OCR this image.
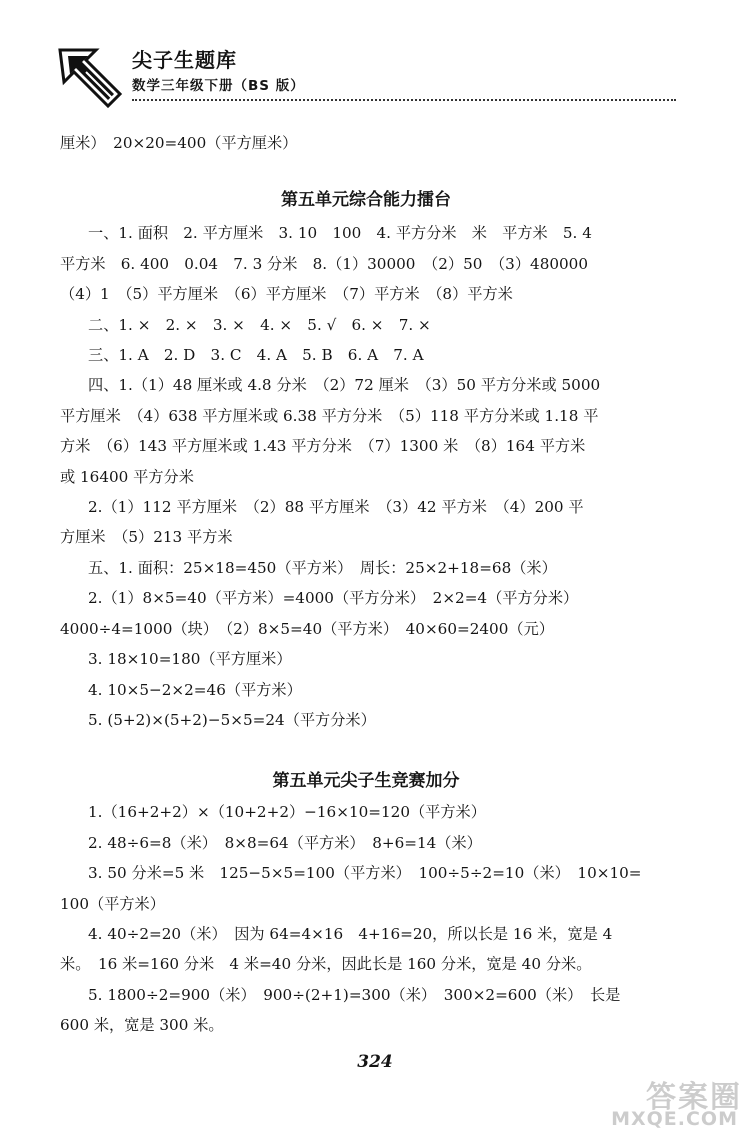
尖子生题库
数学三年级下册（BS 版）
厘米）　20×20=400（平方厘米）
第五单元综合能力擂台
一、1. 面积　2. 平方厘米　3. 10　100　4. 平方分米　米　平方米　5. 4
平方米　6. 400　0.04　7. 3 分米　8.（1）30000　（2）50　（3）480000
（4）1　（5）平方厘米　（6）平方厘米　（7）平方米　（8）平方米
二、1. ×　2. ×　3. ×　4. ×　5. √　6. ×　7. ×
三、1. A　2. D　3. C　4. A　5. B　6. A　7. A
四、1.（1）48 厘米或 4.8 分米　（2）72 厘米　（3）50 平方分米或 5000
平方厘米　（4）638 平方厘米或 6.38 平方分米　（5）118 平方分米或 1.18 平
方米　（6）143 平方厘米或 1.43 平方分米　（7）1300 米　（8）164 平方米
或 16400 平方分米
2.（1）112 平方厘米　（2）88 平方厘米　（3）42 平方米　（4）200 平
方厘米　（5）213 平方米
五、1. 面积：25×18=450（平方米）　周长：25×2+18=68（米）
2.（1）8×5=40（平方米）=4000（平方分米）　2×2=4（平方分米）
4000÷4=1000（块）　（2）8×5=40（平方米）　40×60=2400（元）
3. 18×10=180（平方厘米）
4. 10×5−2×2=46（平方米）
5. (5+2)×(5+2)−5×5=24（平方分米）
第五单元尖子生竞赛加分
1.（16+2+2）×（10+2+2）−16×10=120（平方米）
2. 48÷6=8（米）　8×8=64（平方米）　8+6=14（米）
3. 50 分米=5 米　125−5×5=100（平方米）　100÷5÷2=10（米）　10×10=
100（平方米）
4. 40÷2=20（米）　因为 64=4×16　4+16=20，所以长是 16 米，宽是 4
米。　16 米=160 分米　4 米=40 分米，因此长是 160 分米，宽是 40 分米。
5. 1800÷2=900（米）　900÷(2+1)=300（米）　300×2=600（米）　长是
600 米，宽是 300 米。
324
答案圈
MXQE.COM
